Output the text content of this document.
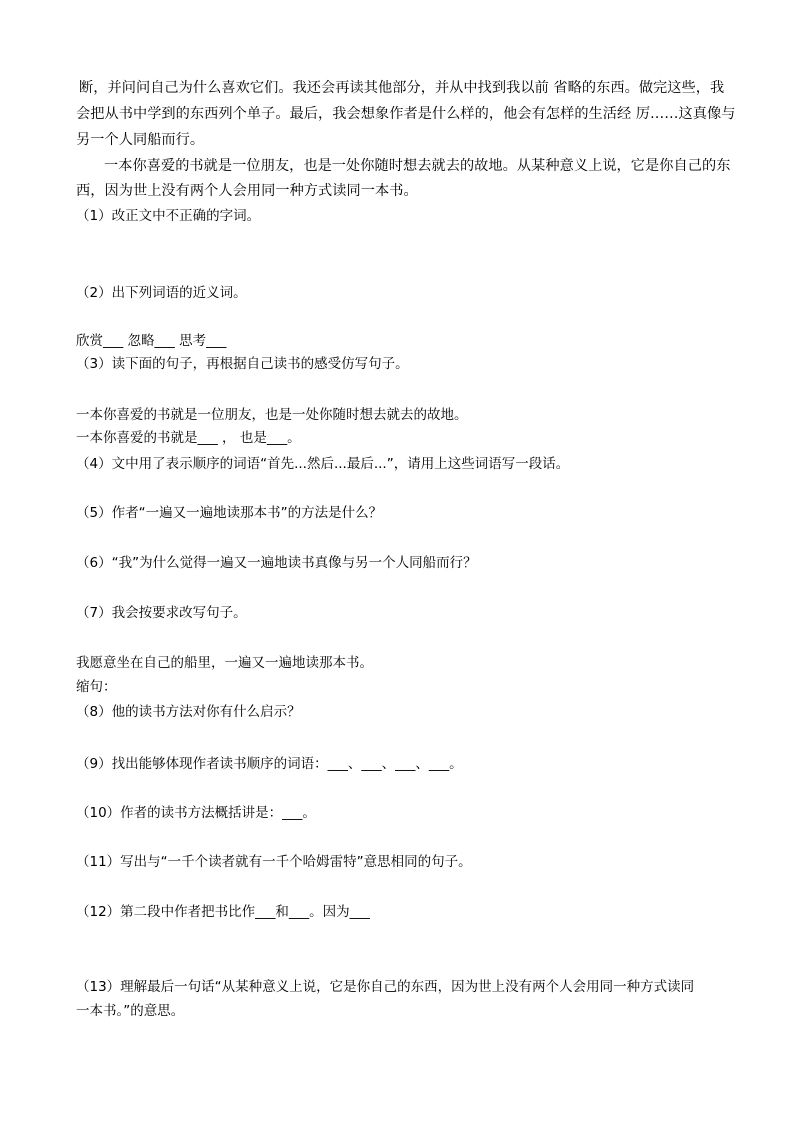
断，并问问自己为什么喜欢它们。我还会再读其他部分，并从中找到我以前 省略的东西。做完这些，我
会把从书中学到的东西列个单子。最后，我会想象作者是什么样的，他会有怎样的生活经 厉……这真像与
另一个人同船而行。
一本你喜爱的书就是一位朋友，也是一处你随时想去就去的故地。从某种意义上说，它是你自己的东
西，因为世上没有两个人会用同一种方式读同一本书。
（1）改正文中不正确的字词。
（2）出下列词语的近义词。
欣赏___ 忽略___ 思考___
（3）读下面的句子，再根据自己读书的感受仿写句子。
一本你喜爱的书就是一位朋友，也是一处你随时想去就去的故地。
一本你喜爱的书就是___ ， 也是___。
（4）文中用了表示顺序的词语“首先...然后...最后...”，请用上这些词语写一段话。
（5）作者“一遍又一遍地读那本书”的方法是什么？
（6）“我”为什么觉得一遍又一遍地读书真像与另一个人同船而行？
（7）我会按要求改写句子。
我愿意坐在自己的船里，一遍又一遍地读那本书。
缩句：
（8）他的读书方法对你有什么启示？
（9）找出能够体现作者读书顺序的词语：___、___、___、___。
（10）作者的读书方法概括讲是：___。
（11）写出与“一千个读者就有一千个哈姆雷特”意思相同的句子。
（12）第二段中作者把书比作___和___。因为___
（13）理解最后一句话“从某种意义上说，它是你自己的东西，因为世上没有两个人会用同一种方式读同
一本书。”的意思。
